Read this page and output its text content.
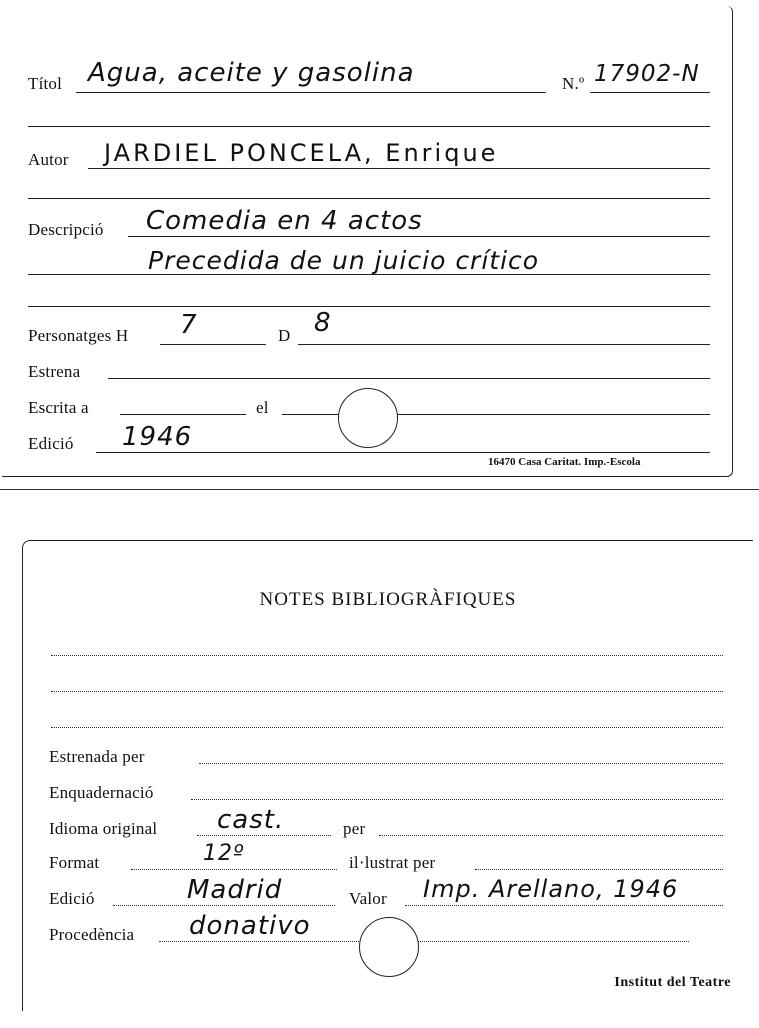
Títol Agua, aceite y gasolina	N.º 17902-N
Autor JARDIEL PONCELA, Enrique
Descripció Comedia en 4 actos
Precedida de un juicio crítico
Personatges H 7	D 8
Estrena
Escrita a	el
Edició 1946
16470 Casa Caritat. Imp.-Escola
NOTES BIBLIOGRÀFIQUES
Estrenada per
Enquadernació
Idioma original cast.	per
Format	12º	il·lustrat per
Edició	Madrid	Valor Imp. Arellano, 1946
Procedència donativo
Institut del Teatre
